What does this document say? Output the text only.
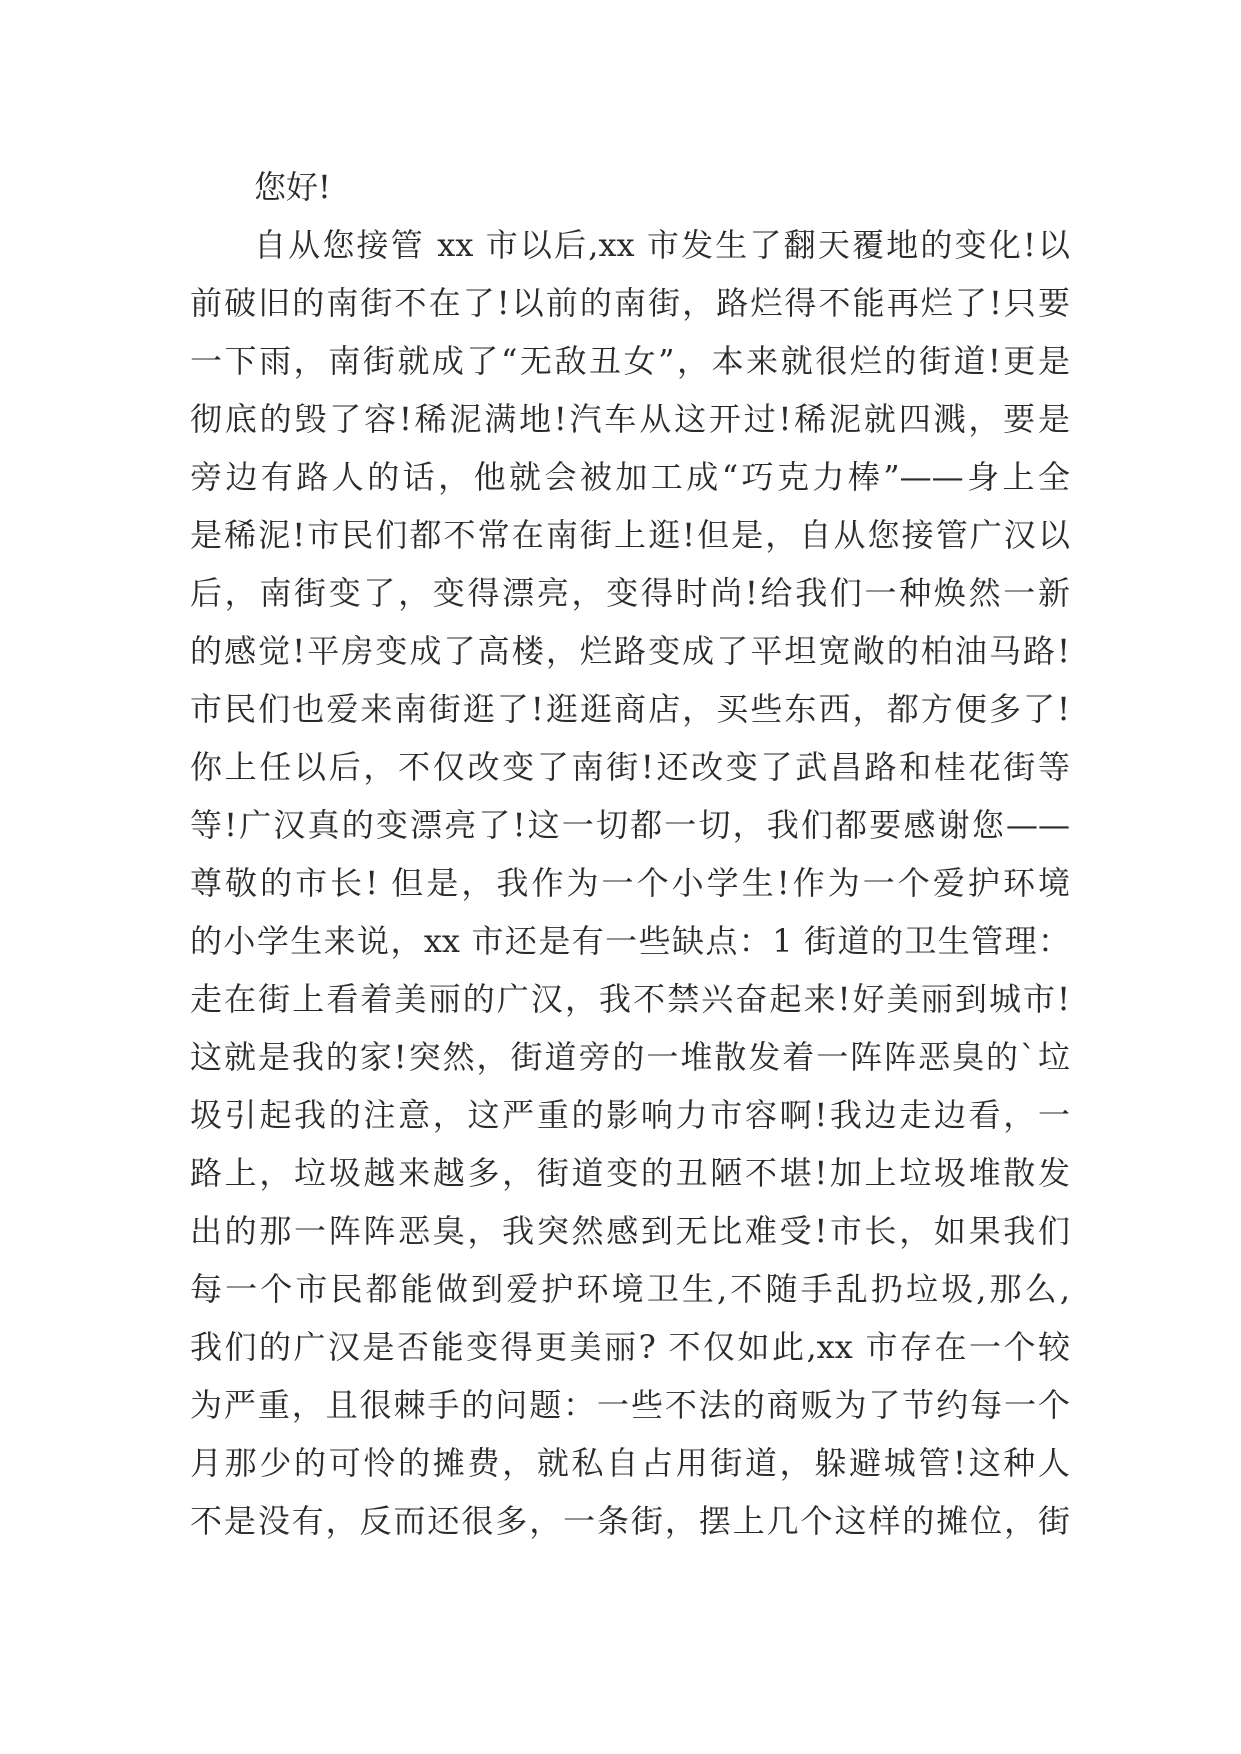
您好!
自从您接管 xx 市以后,xx 市发生了翻天覆地的变化!以
前破旧的南街不在了!以前的南街，路烂得不能再烂了!只要
一下雨，南街就成了“无敌丑女”，本来就很烂的街道!更是
彻底的毁了容!稀泥满地!汽车从这开过!稀泥就四溅，要是
旁边有路人的话，他就会被加工成“巧克力棒”——身上全
是稀泥!市民们都不常在南街上逛!但是，自从您接管广汉以
后，南街变了，变得漂亮，变得时尚!给我们一种焕然一新
的感觉!平房变成了高楼，烂路变成了平坦宽敞的柏油马路!
市民们也爱来南街逛了!逛逛商店，买些东西，都方便多了!
你上任以后，不仅改变了南街!还改变了武昌路和桂花街等
等!广汉真的变漂亮了!这一切都一切，我们都要感谢您——
尊敬的市长! 但是，我作为一个小学生!作为一个爱护环境
的小学生来说，xx 市还是有一些缺点：1 街道的卫生管理：
走在街上看着美丽的广汉，我不禁兴奋起来!好美丽到城市!
这就是我的家!突然，街道旁的一堆散发着一阵阵恶臭的`垃
圾引起我的注意，这严重的影响力市容啊!我边走边看，一
路上，垃圾越来越多，街道变的丑陋不堪!加上垃圾堆散发
出的那一阵阵恶臭，我突然感到无比难受!市长，如果我们
每一个市民都能做到爱护环境卫生,不随手乱扔垃圾,那么,
我们的广汉是否能变得更美丽? 不仅如此,xx 市存在一个较
为严重，且很棘手的问题：一些不法的商贩为了节约每一个
月那少的可怜的摊费，就私自占用街道，躲避城管!这种人
不是没有，反而还很多，一条街，摆上几个这样的摊位，街
